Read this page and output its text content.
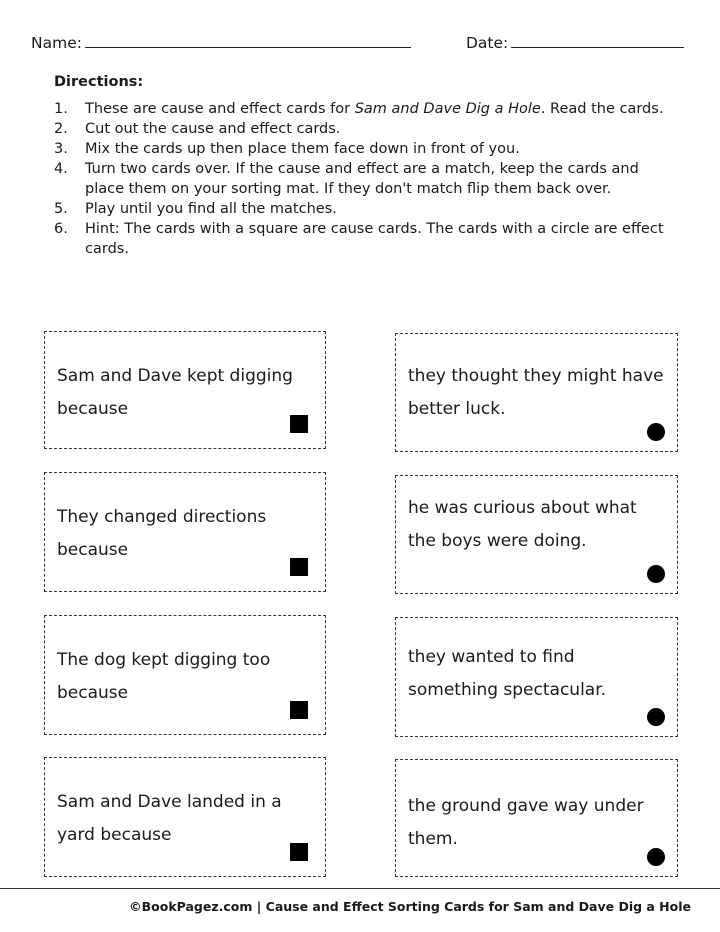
Name:	Date:
Directions:
1.	These are cause and effect cards for Sam and Dave Dig a Hole. Read the cards.
2.	Cut out the cause and effect cards.
3.	Mix the cards up then place them face down in front of you.
4.	Turn two cards over. If the cause and effect are a match, keep the cards and place them on your sorting mat. If they don't match flip them back over.
5.	Play until you find all the matches.
6.	Hint: The cards with a square are cause cards. The cards with a circle are effect cards.
Sam and Dave kept digging because
They changed directions because
The dog kept digging too because
Sam and Dave landed in a yard because
they thought they might have better luck.
he was curious about what the boys were doing.
they wanted to find something spectacular.
the ground gave way under them.
©BookPagez.com | Cause and Effect Sorting Cards for Sam and Dave Dig a Hole
